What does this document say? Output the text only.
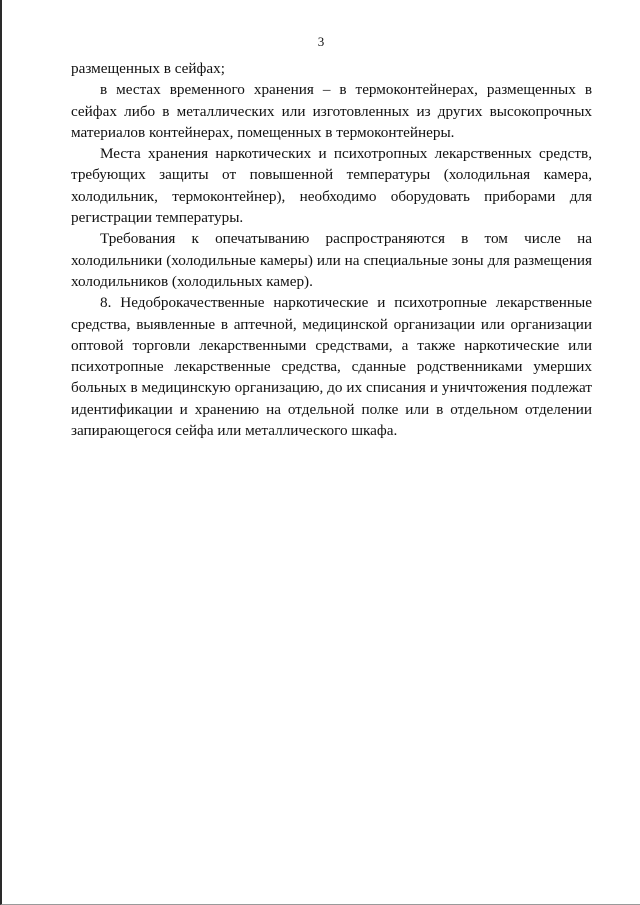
3

размещенных в сейфах;

в местах временного хранения – в термоконтейнерах, размещенных в сейфах либо в металлических или изготовленных из других высокопрочных материалов контейнерах, помещенных в термоконтейнеры.

Места хранения наркотических и психотропных лекарственных средств, требующих защиты от повышенной температуры (холодильная камера, холодильник, термоконтейнер), необходимо оборудовать приборами для регистрации температуры.

Требования к опечатыванию распространяются в том числе на холодильники (холодильные камеры) или на специальные зоны для размещения холодильников (холодильных камер).

8. Недоброкачественные наркотические и психотропные лекарственные средства, выявленные в аптечной, медицинской организации или организации оптовой торговли лекарственными средствами, а также наркотические или психотропные лекарственные средства, сданные родственниками умерших больных в медицинскую организацию, до их списания и уничтожения подлежат идентификации и хранению на отдельной полке или в отдельном отделении запирающегося сейфа или металлического шкафа.
